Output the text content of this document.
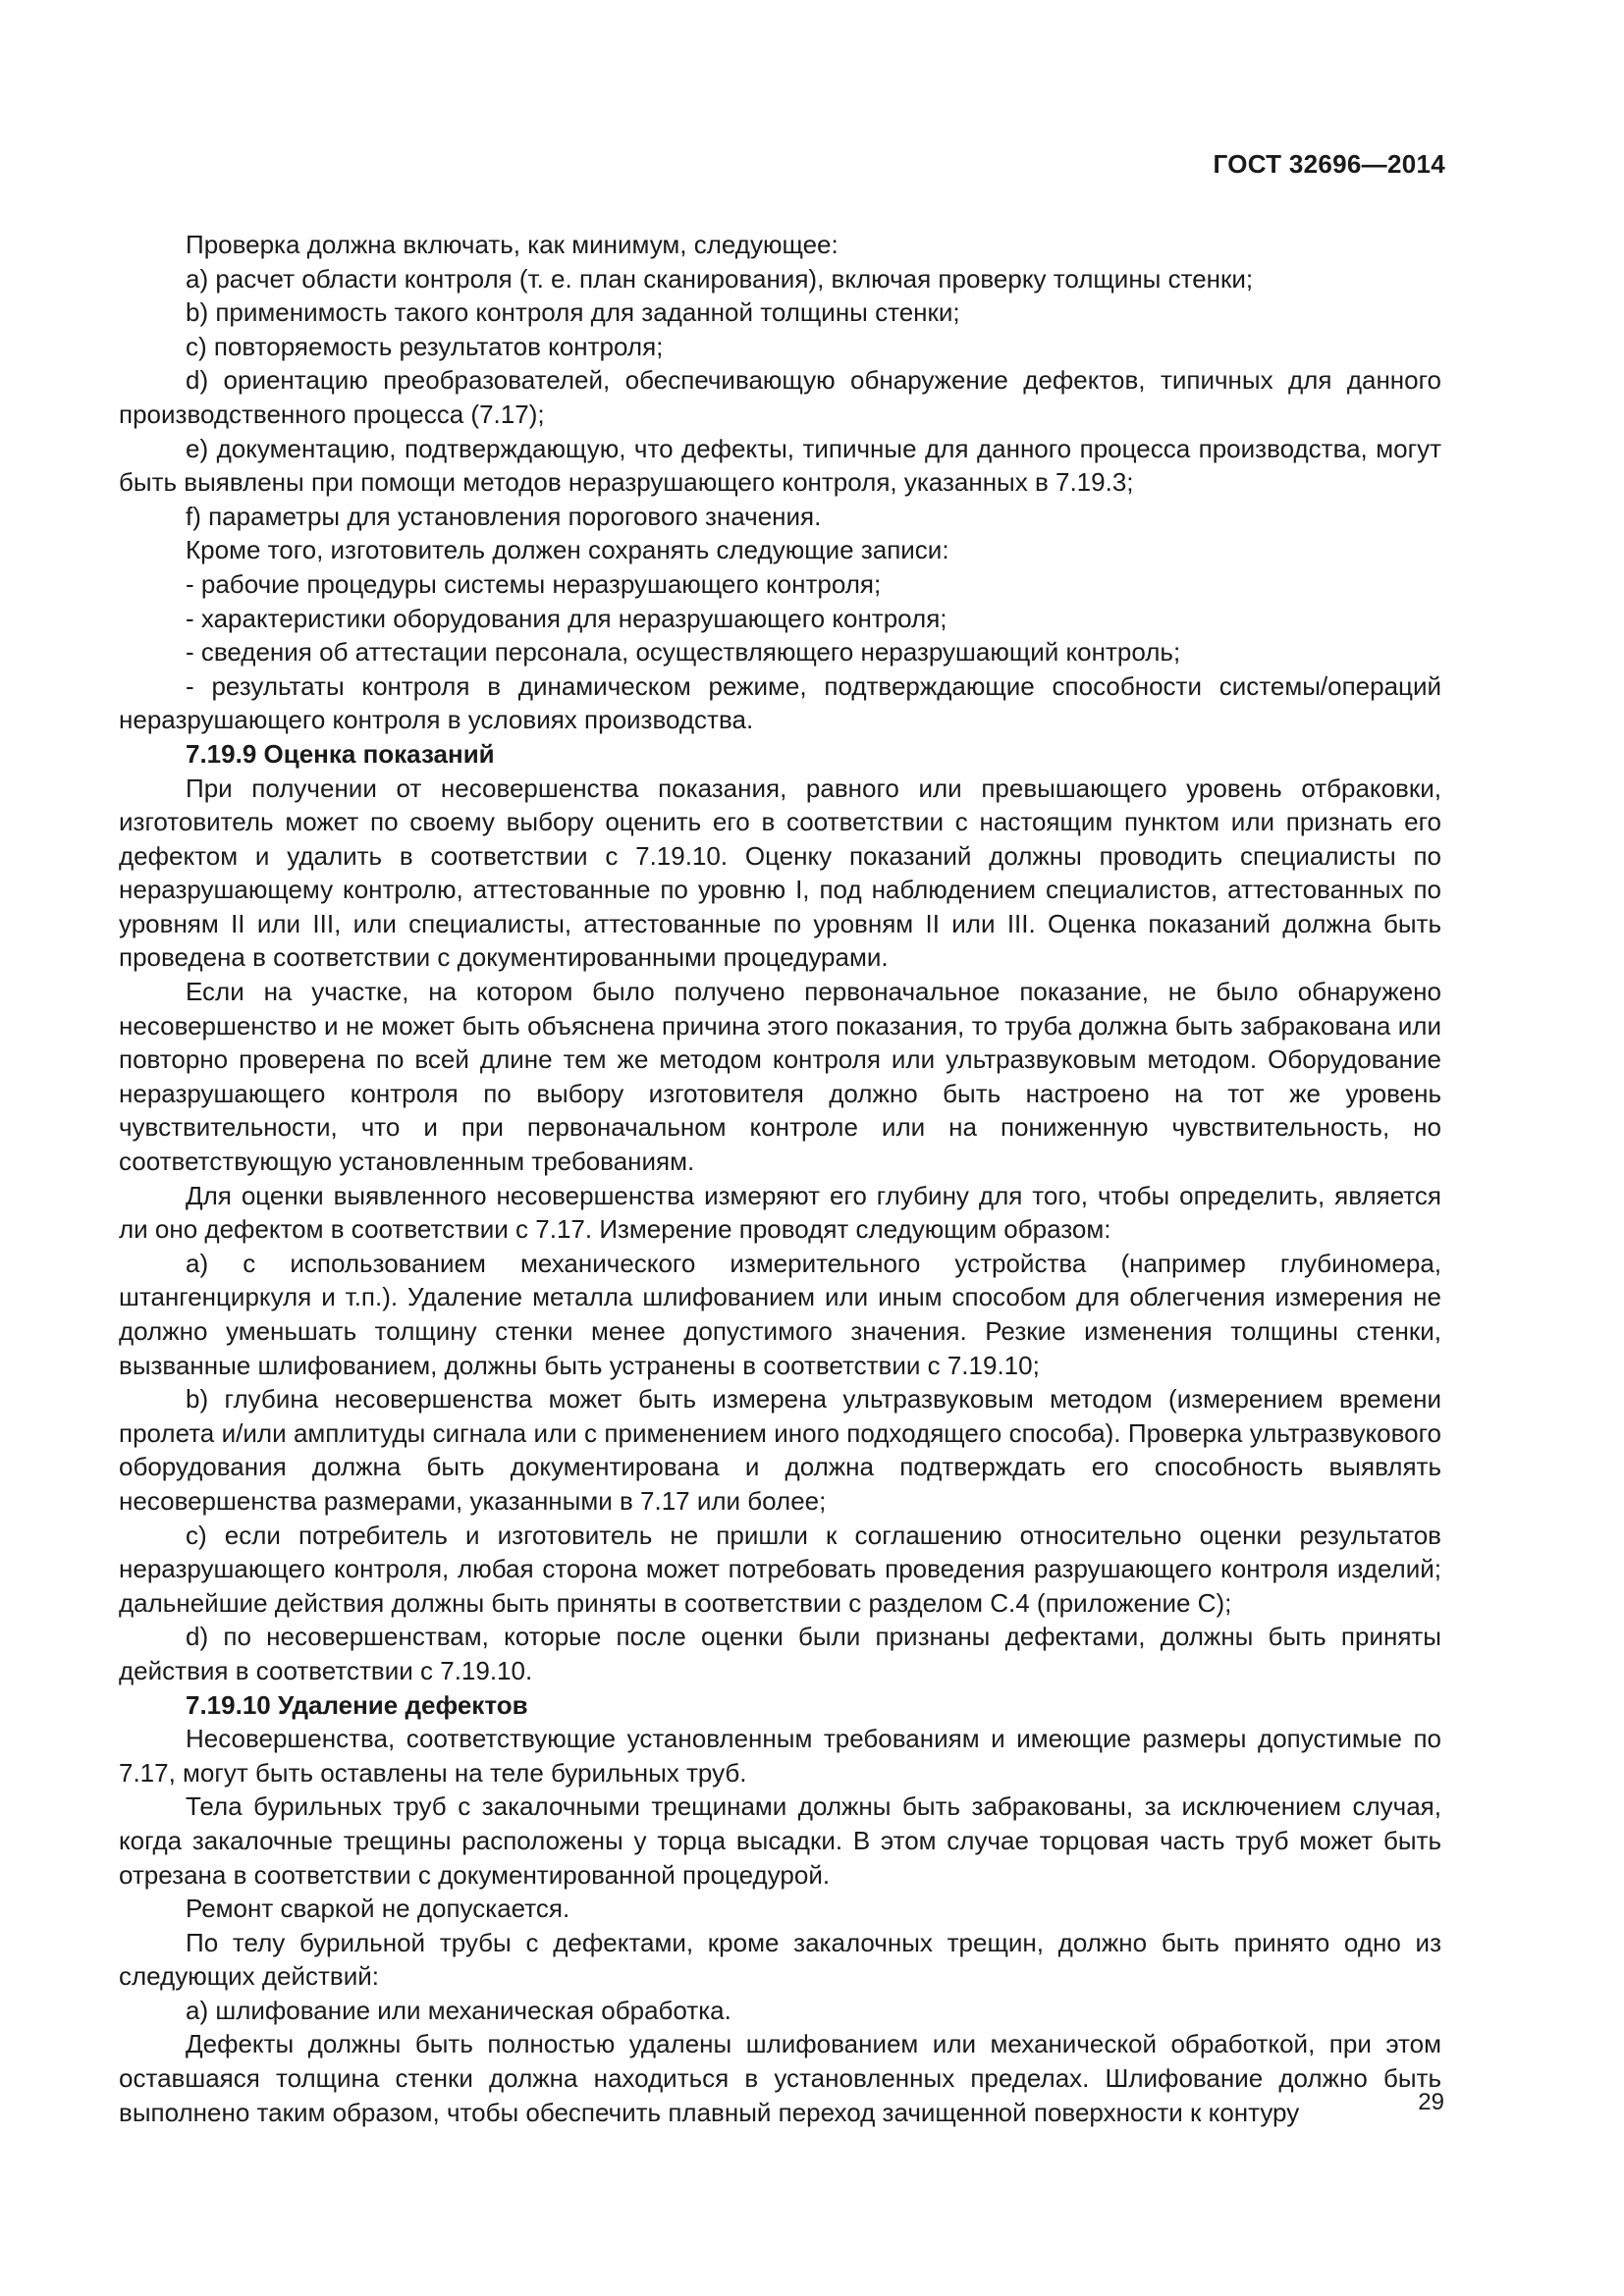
ГОСТ 32696—2014

Проверка должна включать, как минимум, следующее:

a) расчет области контроля (т. е. план сканирования), включая проверку толщины стенки;

b) применимость такого контроля для заданной толщины стенки;

c) повторяемость результатов контроля;

d) ориентацию преобразователей, обеспечивающую обнаружение дефектов, типичных для данного производственного процесса (7.17);

e) документацию, подтверждающую, что дефекты, типичные для данного процесса производства, могут быть выявлены при помощи методов неразрушающего контроля, указанных в 7.19.3;

f) параметры для установления порогового значения.

Кроме того, изготовитель должен сохранять следующие записи:

- рабочие процедуры системы неразрушающего контроля;

- характеристики оборудования для неразрушающего контроля;

- сведения об аттестации персонала, осуществляющего неразрушающий контроль;

- результаты контроля в динамическом режиме, подтверждающие способности системы/операций неразрушающего контроля в условиях производства.

7.19.9 Оценка показаний

При получении от несовершенства показания, равного или превышающего уровень отбраковки, изготовитель может по своему выбору оценить его в соответствии с настоящим пунктом или признать его дефектом и удалить в соответствии с 7.19.10. Оценку показаний должны проводить специалисты по неразрушающему контролю, аттестованные по уровню I, под наблюдением специалистов, аттестованных по уровням II или III, или специалисты, аттестованные по уровням II или III. Оценка показаний должна быть проведена в соответствии с документированными процедурами.

Если на участке, на котором было получено первоначальное показание, не было обнаружено несовершенство и не может быть объяснена причина этого показания, то труба должна быть забракована или повторно проверена по всей длине тем же методом контроля или ультразвуковым методом. Оборудование неразрушающего контроля по выбору изготовителя должно быть настроено на тот же уровень чувствительности, что и при первоначальном контроле или на пониженную чувствительность, но соответствующую установленным требованиям.

Для оценки выявленного несовершенства измеряют его глубину для того, чтобы определить, является ли оно дефектом в соответствии с 7.17. Измерение проводят следующим образом:

a) с использованием механического измерительного устройства (например глубиномера, штангенциркуля и т.п.). Удаление металла шлифованием или иным способом для облегчения измерения не должно уменьшать толщину стенки менее допустимого значения. Резкие изменения толщины стенки, вызванные шлифованием, должны быть устранены в соответствии с 7.19.10;

b) глубина несовершенства может быть измерена ультразвуковым методом (измерением времени пролета и/или амплитуды сигнала или с применением иного подходящего способа). Проверка ультразвукового оборудования должна быть документирована и должна подтверждать его способность выявлять несовершенства размерами, указанными в 7.17 или более;

c) если потребитель и изготовитель не пришли к соглашению относительно оценки результатов неразрушающего контроля, любая сторона может потребовать проведения разрушающего контроля изделий; дальнейшие действия должны быть приняты в соответствии с разделом С.4 (приложение С);

d) по несовершенствам, которые после оценки были признаны дефектами, должны быть приняты действия в соответствии с 7.19.10.

7.19.10 Удаление дефектов

Несовершенства, соответствующие установленным требованиям и имеющие размеры допустимые по 7.17, могут быть оставлены на теле бурильных труб.

Тела бурильных труб с закалочными трещинами должны быть забракованы, за исключением случая, когда закалочные трещины расположены у торца высадки. В этом случае торцовая часть труб может быть отрезана в соответствии с документированной процедурой.

Ремонт сваркой не допускается.

По телу бурильной трубы с дефектами, кроме закалочных трещин, должно быть принято одно из следующих действий:

a) шлифование или механическая обработка.

Дефекты должны быть полностью удалены шлифованием или механической обработкой, при этом оставшаяся толщина стенки должна находиться в установленных пределах. Шлифование должно быть выполнено таким образом, чтобы обеспечить плавный переход зачищенной поверхности к контуру	29
